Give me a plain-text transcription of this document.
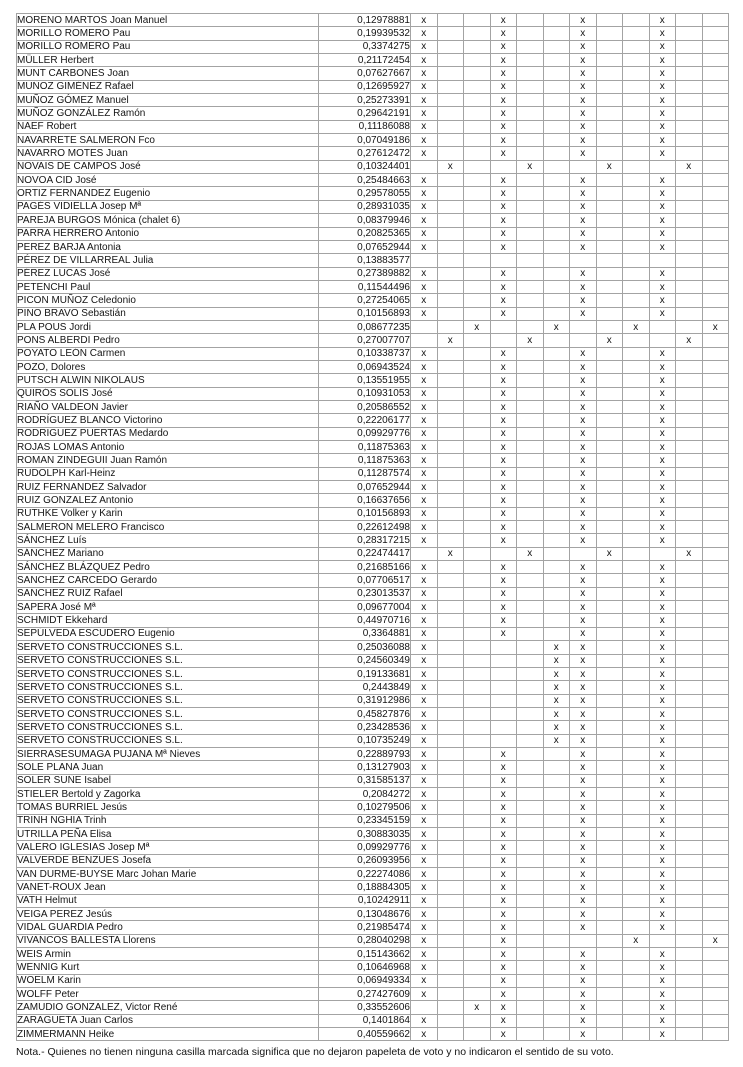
MORENO MARTOS Joan Manuel	0,12978881	x			x			x			x		
MORILLO ROMERO Pau	0,19939532	x			x			x			x		
MORILLO ROMERO Pau	0,3374275	x			x			x			x		
MÜLLER Herbert	0,21172454	x			x			x			x		
MUNT CARBONES Joan	0,07627667	x			x			x			x		
MUÑOZ GIMÉNEZ Rafael	0,12695927	x			x			x			x		
MUÑOZ GÓMEZ Manuel	0,25273391	x			x			x			x		
MUÑOZ GONZÁLEZ Ramón	0,29642191	x			x			x			x		
NAEF Robert	0,11186088	x			x			x			x		
NAVARRETE SALMERON Fco	0,07049186	x			x			x			x		
NAVARRO MOTES Juan	0,27612472	x			x			x			x		
NOVAIS DE CAMPOS José	0,10324401		x			x			x			x	
NOVOA CID José	0,25484663	x			x			x			x		
ORTIZ FERNANDEZ Eugenio	0,29578055	x			x			x			x		
PAGÉS VIDIELLA Josep Mª	0,28931035	x			x			x			x		
PAREJA BURGOS Mónica (chalet 6)	0,08379946	x			x			x			x		
PARRA HERRERO Antonio	0,20825365	x			x			x			x		
PEREZ BARJA Antonia	0,07652944	x			x			x			x		
PÉREZ DE VILLARREAL Julia	0,13883577												
PÉREZ LUCAS José	0,27389882	x			x			x			x		
PETENCHI Paul	0,11544496	x			x			x			x		
PICON MUÑOZ Celedonio	0,27254065	x			x			x			x		
PINO BRAVO Sebastián	0,10156893	x			x			x			x		
PLA POUS Jordi	0,08677235			x			x			x			x
PONS ALBERDI Pedro	0,27007707		x			x			x			x	
POYATO LEÓN Carmen	0,10338737	x			x			x			x		
POZO, Dolores	0,06943524	x			x			x			x		
PUTSCH ALWIN NIKOLAUS	0,13551955	x			x			x			x		
QUIRÓS SOLÍS José	0,10931053	x			x			x			x		
RIAÑO VALDEON Javier	0,20586552	x			x			x			x		
RODRÍGUEZ BLANCO Victorino	0,22206177	x			x			x			x		
RODRIGUEZ PUERTAS Medardo	0,09929776	x			x			x			x		
ROJAS LOMAS Antonio	0,11875363	x			x			x			x		
ROMAN ZINDEGUII Juan Ramón	0,11875363	x			x			x			x		
RUDOLPH Karl-Heinz	0,11287574	x			x			x			x		
RUIZ FERNANDEZ Salvador	0,07652944	x			x			x			x		
RUIZ GONZALEZ Antonio	0,16637656	x			x			x			x		
RUTHKE Volker y Karin	0,10156893	x			x			x			x		
SALMERON MELERO Francisco	0,22612498	x			x			x			x		
SÁNCHEZ Luís	0,28317215	x			x			x			x		
SÁNCHEZ Mariano	0,22474417		x			x			x			x	
SÁNCHEZ BLÁZQUEZ Pedro	0,21685166	x			x			x			x		
SANCHEZ CARCEDO Gerardo	0,07706517	x			x			x			x		
SANCHEZ RUIZ Rafael	0,23013537	x			x			x			x		
SAPERA José Mª	0,09677004	x			x			x			x		
SCHMIDT Ekkehard	0,44970716	x			x			x			x		
SEPÚLVEDA ESCUDERO Eugenio	0,3364881	x			x			x			x		
SERVETO CONSTRUCCIONES S.L.	0,25036088	x					x	x			x		
SERVETO CONSTRUCCIONES S.L.	0,24560349	x					x	x			x		
SERVETO CONSTRUCCIONES S.L.	0,19133681	x					x	x			x		
SERVETO CONSTRUCCIONES S.L.	0,2443849	x					x	x			x		
SERVETO CONSTRUCCIONES S.L.	0,31912986	x					x	x			x		
SERVETO CONSTRUCCIONES S.L.	0,45827876	x					x	x			x		
SERVETO CONSTRUCCIONES S.L.	0,23428536	x					x	x			x		
SERVETO CONSTRUCCIONES S.L.	0,10735249	x					x	x			x		
SIERRASESUMAGA PUJANA Mª Nieves	0,22889793	x			x			x			x		
SOLE PLANA Juan	0,13127903	x			x			x			x		
SOLER SUÑE Isabel	0,31585137	x			x			x			x		
STIELER Bertold y Zagorka	0,2084272	x			x			x			x		
TOMAS BURRIEL Jesús	0,10279506	x			x			x			x		
TRINH NGHIA Trinh	0,23345159	x			x			x			x		
UTRILLA PEÑA Elisa	0,30883035	x			x			x			x		
VALERO IGLESIAS Josep Mª	0,09929776	x			x			x			x		
VALVERDE BENZUES Josefa	0,26093956	x			x			x			x		
VAN DURME-BUYSE Marc Johan Marie	0,22274086	x			x			x			x		
VANET-ROUX Jean	0,18884305	x			x			x			x		
VATH Helmut	0,10242911	x			x			x			x		
VEIGA PEREZ Jesús	0,13048676	x			x			x			x		
VIDAL GUARDIA Pedro	0,21985474	x			x			x			x		
VIVANCOS BALLESTA Llorens	0,28040298	x			x					x			x
WEIS Armin	0,15143662	x			x			x			x		
WENNIG Kurt	0,10646968	x			x			x			x		
WOELM Karin	0,06949334	x			x			x			x		
WOLFF Peter	0,27427609	x			x			x			x		
ZAMUDIO GONZALEZ, Victor René	0,33552606			x	x			x			x		
ZARAGUETA Juan Carlos	0,1401864	x			x			x			x		
ZIMMERMANN Heike	0,40559662	x			x			x			x		
Nota.- Quienes no tienen ninguna casilla marcada significa que no dejaron papeleta de voto y no indicaron el sentido de su voto.
